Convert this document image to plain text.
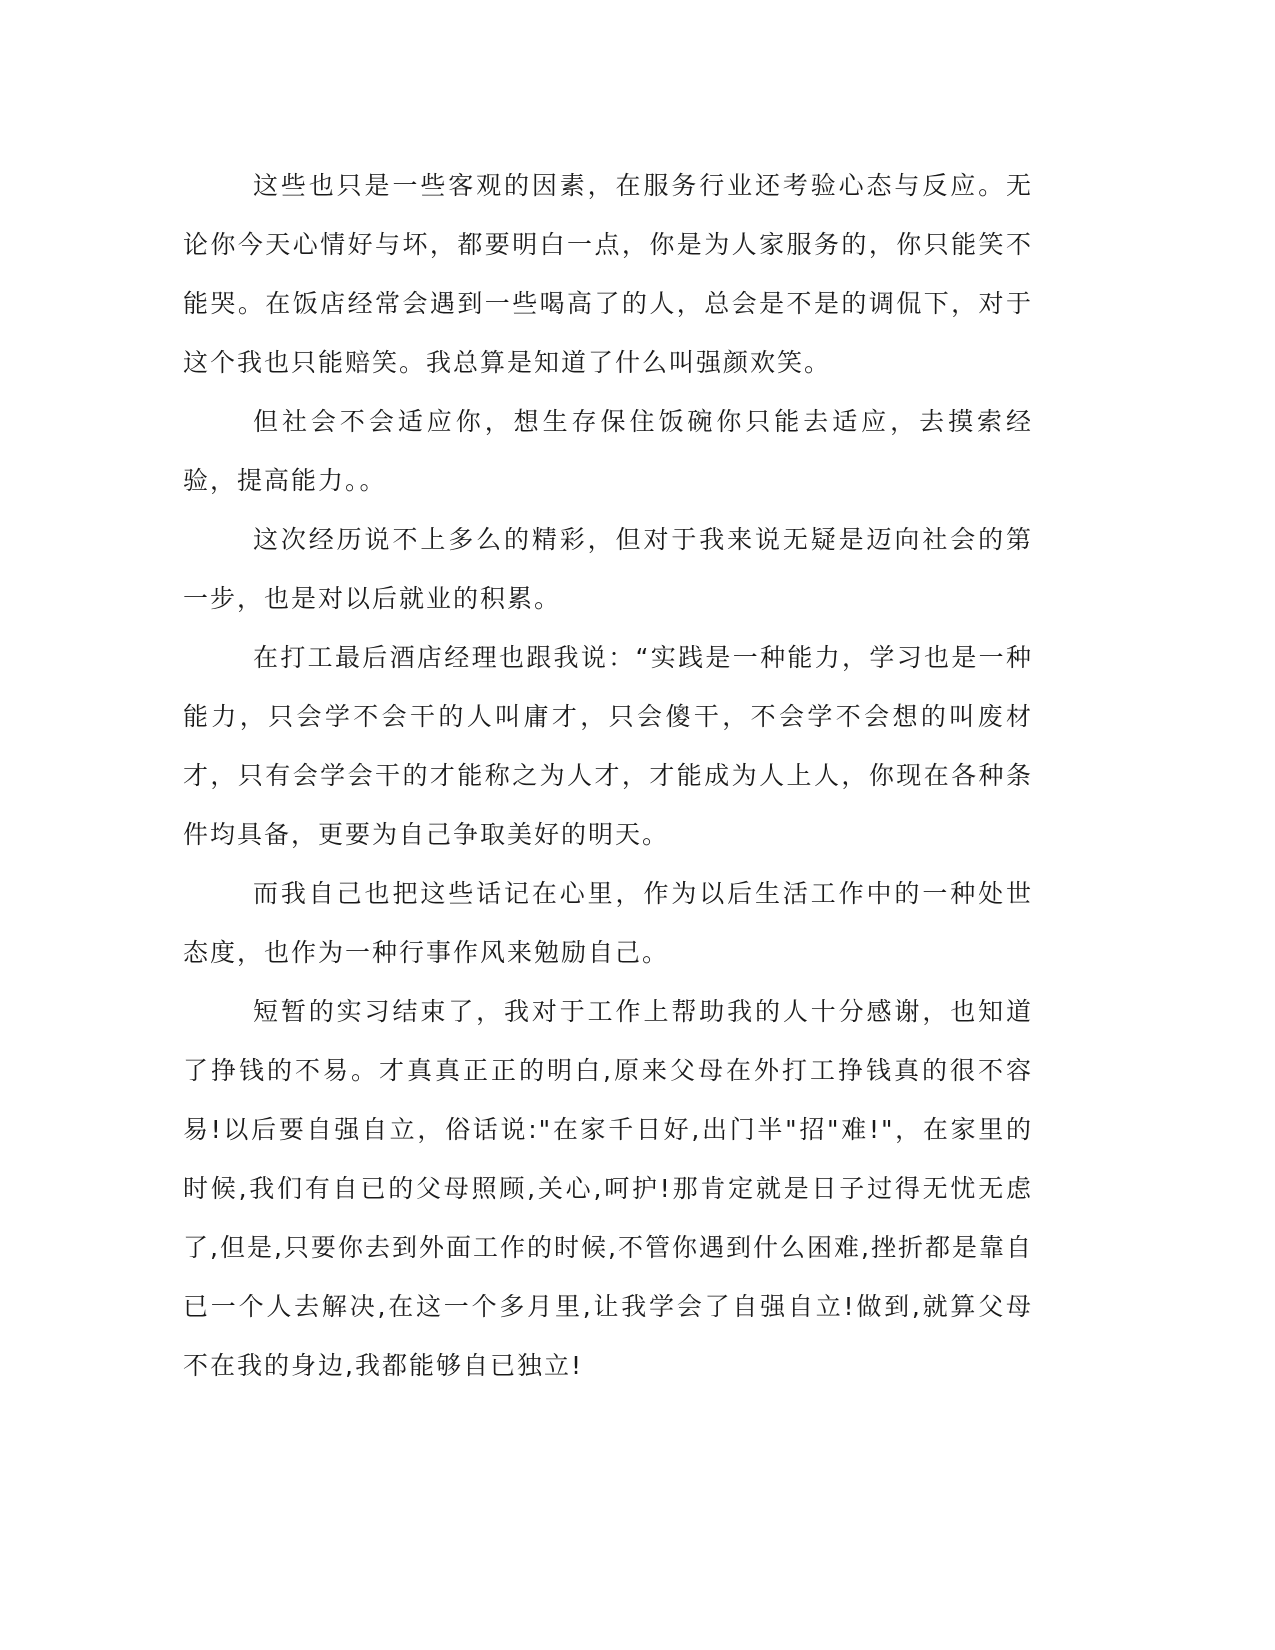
这些也只是一些客观的因素，在服务行业还考验心态与反应。无论你今天心情好与坏，都要明白一点，你是为人家服务的，你只能笑不能哭。在饭店经常会遇到一些喝高了的人，总会是不是的调侃下，对于这个我也只能赔笑。我总算是知道了什么叫强颜欢笑。

但社会不会适应你，想生存保住饭碗你只能去适应，去摸索经验，提高能力。。

这次经历说不上多么的精彩，但对于我来说无疑是迈向社会的第一步，也是对以后就业的积累。

在打工最后酒店经理也跟我说：“实践是一种能力，学习也是一种能力，只会学不会干的人叫庸才，只会傻干，不会学不会想的叫废材才，只有会学会干的才能称之为人才，才能成为人上人，你现在各种条件均具备，更要为自己争取美好的明天。

而我自己也把这些话记在心里，作为以后生活工作中的一种处世态度，也作为一种行事作风来勉励自己。

短暂的实习结束了，我对于工作上帮助我的人十分感谢，也知道了挣钱的不易。才真真正正的明白,原来父母在外打工挣钱真的很不容易!以后要自强自立，俗话说:"在家千日好,出门半"招"难!"，在家里的时候,我们有自已的父母照顾,关心,呵护!那肯定就是日子过得无忧无虑了,但是,只要你去到外面工作的时候,不管你遇到什么困难,挫折都是靠自已一个人去解决,在这一个多月里,让我学会了自强自立!做到,就算父母不在我的身边,我都能够自已独立!
